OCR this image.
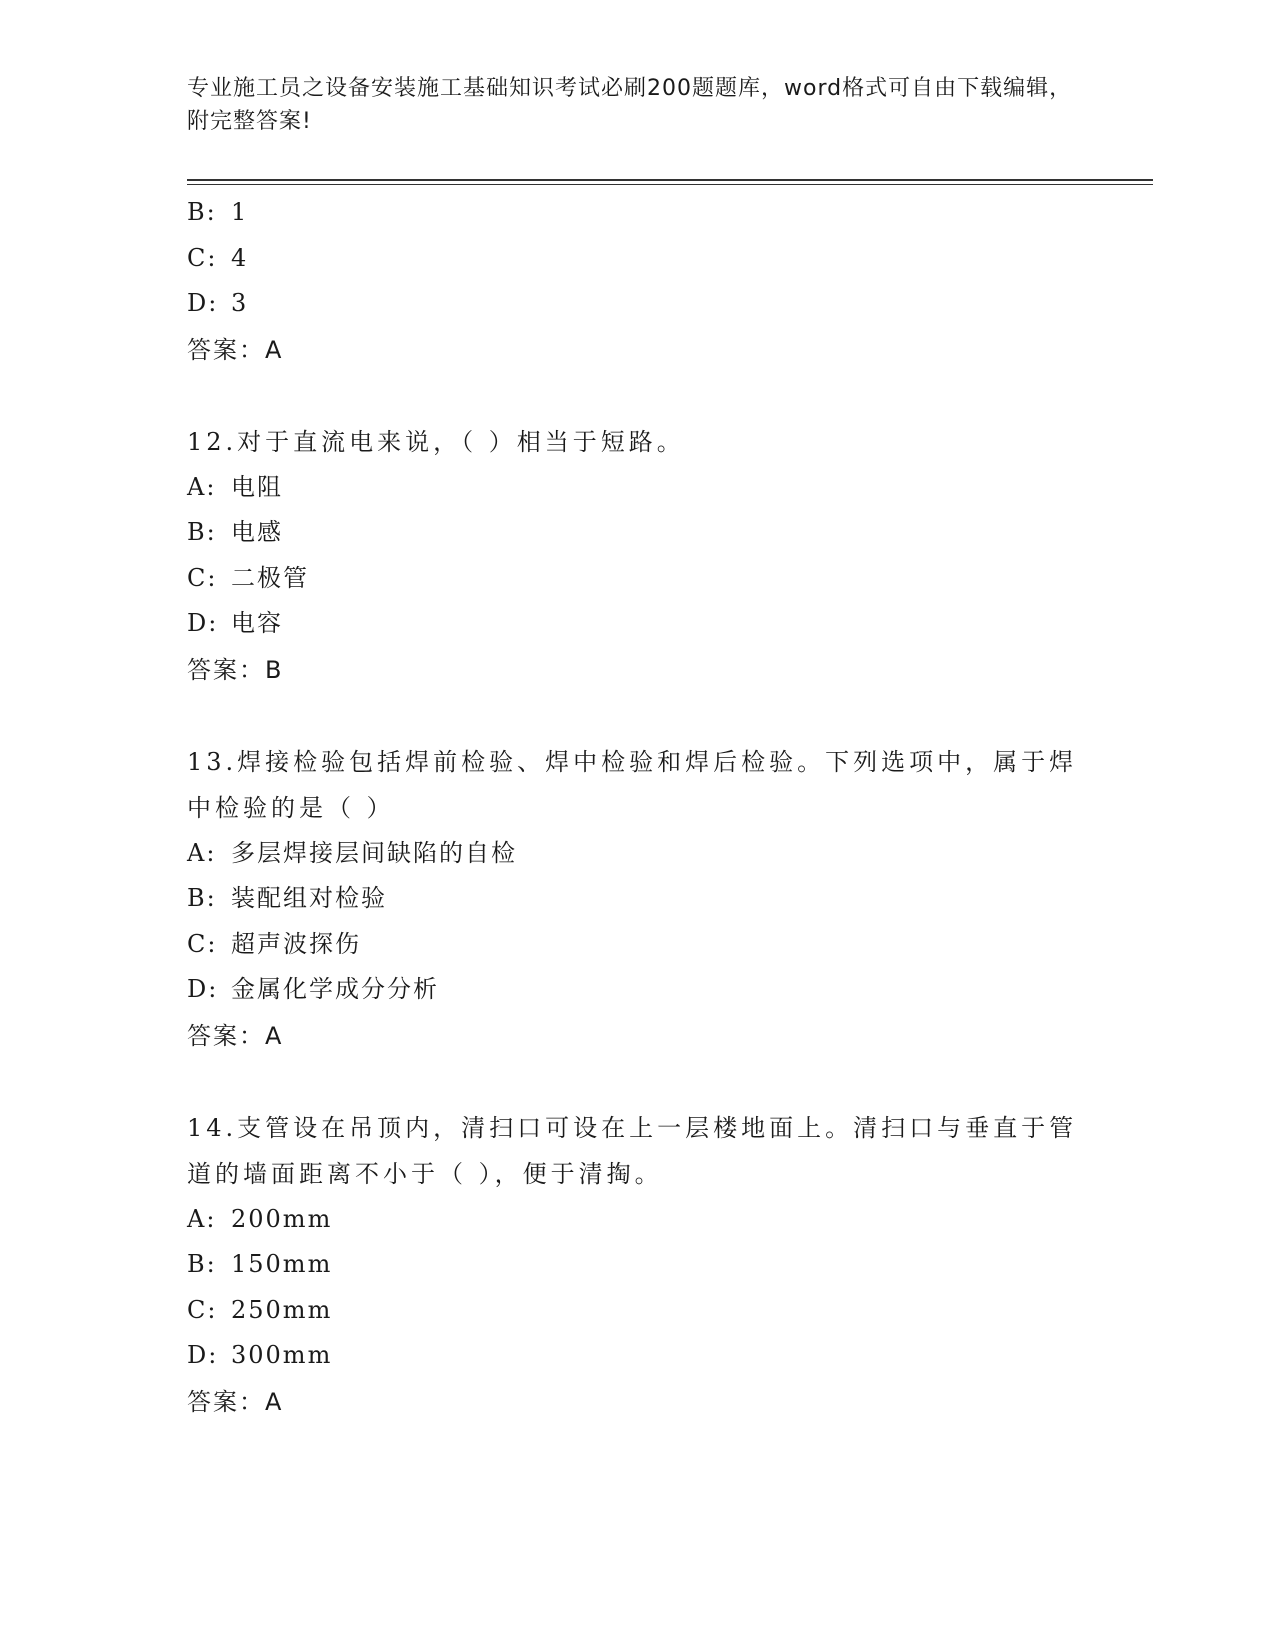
专业施工员之设备安装施工基础知识考试必刷200题题库，word格式可自由下载编辑，附完整答案!
B: 1
C: 4
D: 3
答案：A
12.对于直流电来说，（ ）相当于短路。
A: 电阻
B: 电感
C: 二极管
D: 电容
答案：B
13.焊接检验包括焊前检验、焊中检验和焊后检验。下列选项中，属于焊中检验的是（ ）
A: 多层焊接层间缺陷的自检
B: 装配组对检验
C: 超声波探伤
D: 金属化学成分分析
答案：A
14.支管设在吊顶内，清扫口可设在上一层楼地面上。清扫口与垂直于管道的墙面距离不小于（ ），便于清掏。
A: 200mm
B: 150mm
C: 250mm
D: 300mm
答案：A
